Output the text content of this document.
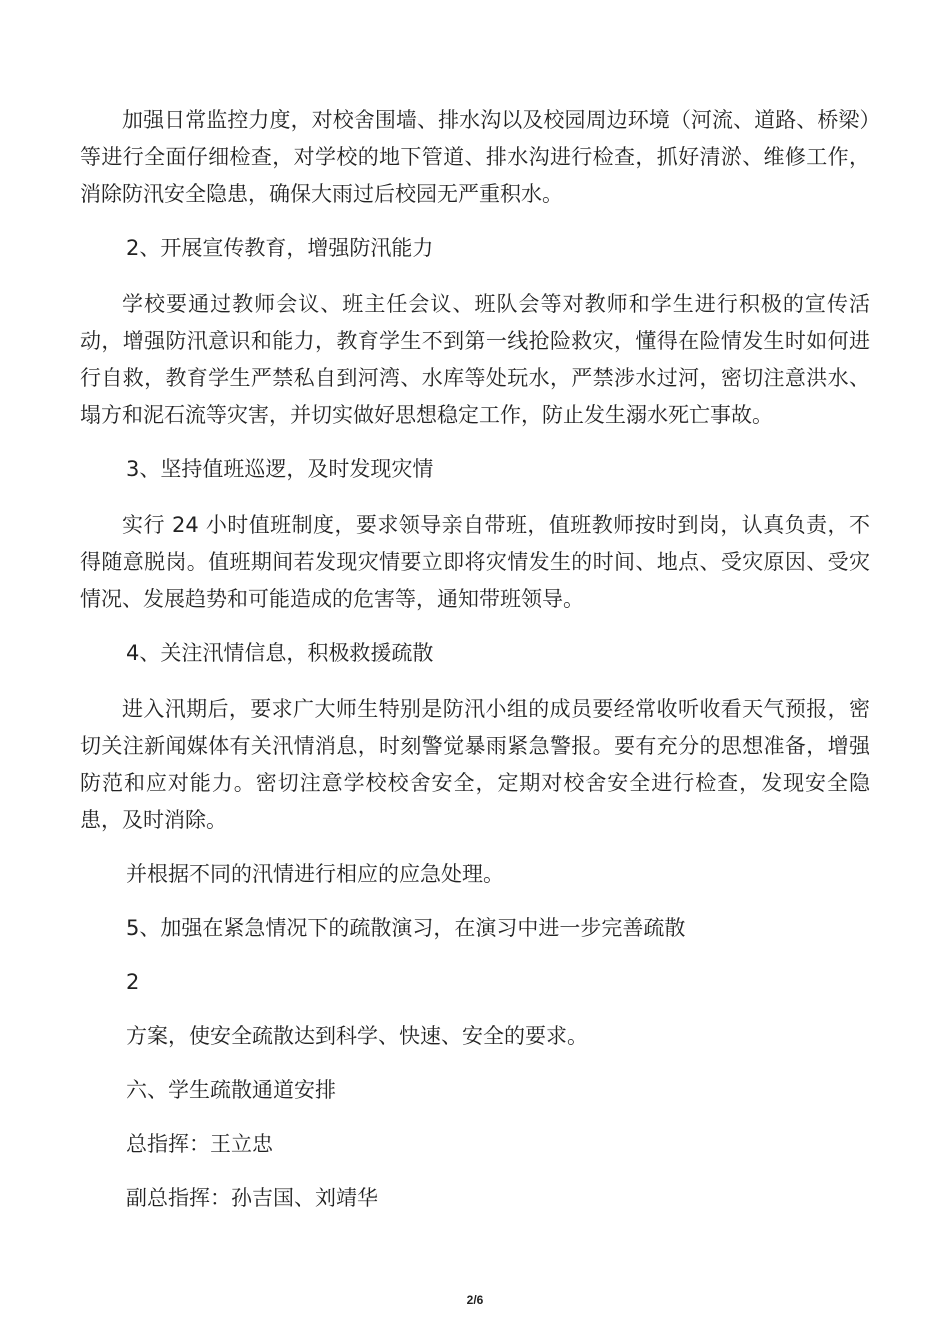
加强日常监控力度，对校舍围墙、排水沟以及校园周边环境（河流、道路、桥梁）等进行全面仔细检查，对学校的地下管道、排水沟进行检查，抓好清淤、维修工作，消除防汛安全隐患，确保大雨过后校园无严重积水。

2、开展宣传教育，增强防汛能力

学校要通过教师会议、班主任会议、班队会等对教师和学生进行积极的宣传活动，增强防汛意识和能力，教育学生不到第一线抢险救灾，懂得在险情发生时如何进行自救，教育学生严禁私自到河湾、水库等处玩水，严禁涉水过河，密切注意洪水、塌方和泥石流等灾害，并切实做好思想稳定工作，防止发生溺水死亡事故。

3、坚持值班巡逻，及时发现灾情

实行 24 小时值班制度，要求领导亲自带班，值班教师按时到岗，认真负责，不得随意脱岗。值班期间若发现灾情要立即将灾情发生的时间、地点、受灾原因、受灾情况、发展趋势和可能造成的危害等，通知带班领导。

4、关注汛情信息，积极救援疏散

进入汛期后，要求广大师生特别是防汛小组的成员要经常收听收看天气预报，密切关注新闻媒体有关汛情消息，时刻警觉暴雨紧急警报。要有充分的思想准备，增强防范和应对能力。密切注意学校校舍安全，定期对校舍安全进行检查，发现安全隐患，及时消除。

并根据不同的汛情进行相应的应急处理。

5、加强在紧急情况下的疏散演习，在演习中进一步完善疏散

2

方案，使安全疏散达到科学、快速、安全的要求。

六、学生疏散通道安排

总指挥：王立忠

副总指挥：孙吉国、刘靖华

2/6
